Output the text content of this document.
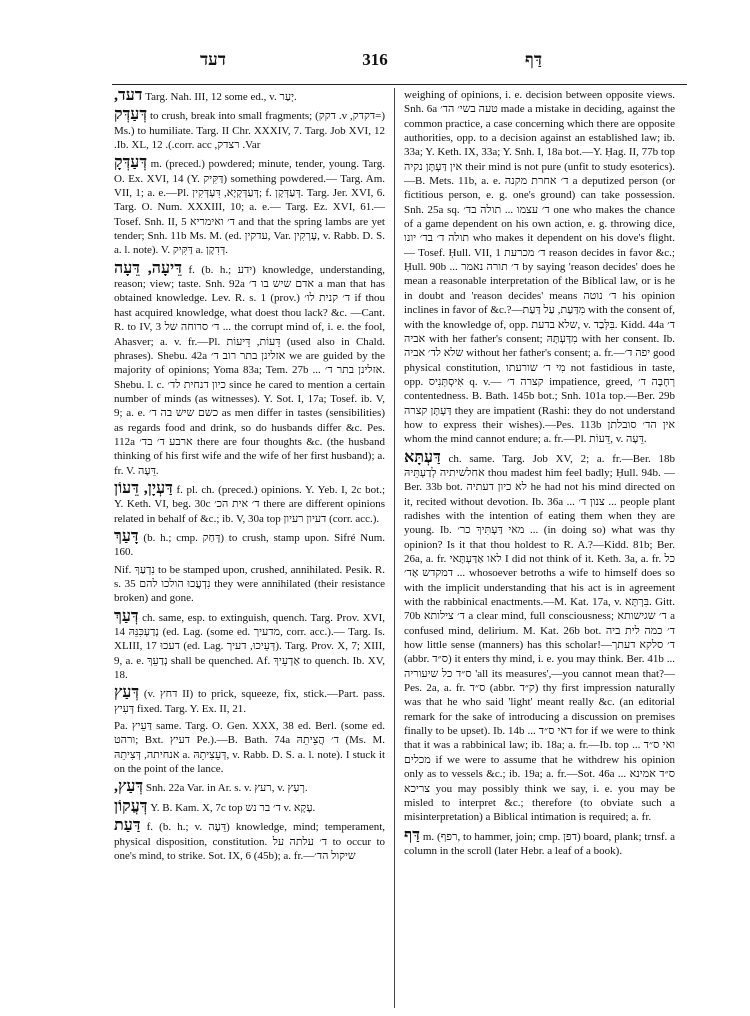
דעד	316	דַּף

דעד, Targ. Nah. III, 12 some ed., v. יְעַר.

דְּעַדְּק (=דקדק, v. דקק) to crush, break into small fragments; to humiliate. Targ. II Chr. XXXIV, 7. Targ. Job XVI, 12 (Ms. Var. רצדק, corr. acc.). Ib. XL, 12.

דְּעַדְּקָ m. (preced.) powdered; minute, tender, young. Targ. O. Ex. XVI, 14 (Y. דַּקִּיק) something powdered.— Targ. Am. VII, 1; a. e.—Pl. דְּעַדְּקָיָא, דִּעְדְּקִין; f. דְּעַדְּקָן. Targ. Jer. XVI, 6. Targ. O. Num. XXXIII, 10; a. e.— Targ. Ez. XVI, 61.—Tosef. Snh. II, 5 ד׳ ואימריא and that the spring lambs are yet tender; Snh. 11b Ms. M. (ed. עדקין, Var. עָרְקִין, v. Rabb. D. S. a. l. note). V. דַּקִּיק a. דְּדִקָן.

דֵּיעָה, דֵּעָה f. (b. h.; ידע) knowledge, understanding, reason; view; taste. Snh. 92a אדם שיש בו ד׳ a man that has obtained knowledge. Lev. R. s. 1 (prov.) ד׳ קנית לו׳ if thou hast acquired knowledge, what doest thou lack? &c. —Cant. R. to IV, 3 ד׳ סרוחה של ... the corrupt mind of, i. e. the fool, Ahasver; a. v. fr.—Pl. דֵּעוֹת, דֵּיעוֹת (used also in Chald. phrases). Shebu. 42a אזלינן בתר רוב ד׳ we are guided by the majority of opinions; Yoma 83a; Tem. 27b ... אזלינן בתר ד׳. Shebu. l. c. כיון דנחית לד׳ since he cared to mention a certain number of minds (as witnesses). Y. Sot. I, 17a; Tosef. ib. V, 9; a. e. כשם שיש בה ד׳ as men differ in tastes (sensibilities) as regards food and drink, so do husbands differ &c. Pes. 112a ארבע ד׳ בד׳ there are four thoughts &c. (the husband thinking of his first wife and the wife of her first husband); a. fr. V. דֵּעָה.

דַּעְיָן, דֵּעוֹן f. pl. ch. (preced.) opinions. Y. Yeb. I, 2c bot.; Y. Keth. VI, beg. 30c ד׳ אית הכ׳ there are different opinions related in behalf of &c.; ib. V, 30a top דעיון רעיון (corr. acc.).

דָּעַךְ (b. h.; cmp. דָּחַק) to crush, stamp upon. Sifré Num. 160.

Nif. נִדְעַךְ to be stamped upon, crushed, annihilated. Pesik. R. s. 35 נִדְעֲכוּ הולכו להם they were annihilated (their resistance broken) and gone.

דְּעַךְ ch. same, esp. to extinguish, quench. Targ. Prov. XVI, 14 נְדַעְכִּנֵּהּ (ed. Lag. (some ed. מדעיך, corr. acc.).— Targ. Is. XLIII, 17 דעכוּ (ed. Lag. דְּעֵיכוּ, דעיך). Targ. Prov. X, 7; XIII, 9, a. e. נְדַעֵךְ shall be quenched. Af. אַדְעֵיךְ to quench. Ib. XV, 18.

דְּעַץ (v. דחץ II) to prick, squeeze, fix, stick.—Part. pass. דְּעִיץ fixed. Targ. Y. Ex. II, 21.

Pa. דַּעֵיץ same. Targ. O. Gen. XXX, 38 ed. Berl. (some ed. ורהט; Bxt. דעיץ Pe.).—B. Bath. 74a ד׳ הֲצֵיתֵהּ (Ms. M. אנחיתה, דְּצִיתֵהּ a. דְּעֵצִיתֵהּ, v. Rabb. D. S. a. l. note). I stuck it on the point of the lance.

דְּעַץ, Snh. 22a Var. in Ar. s. v. רעץ, v. רְעַץ.

דְּעֲקוֹן Y. B. Kam. X, 7c top ד׳ בר נש v. עָקָא.

דַּעַת f. (b. h.; v. דֵּעָה) knowledge, mind; temperament, physical disposition, constitution. ד׳ עלתה על to occur to one's mind, to strike. Sot. IX, 6 (45b); a. fr.—שיקול הד׳

weighing of opinions, i. e. decision between opposite views. Snh. 6a טעה בשי׳ הד׳ made a mistake in deciding, against the common practice, a case concerning which there are opposite authorities, opp. to a decision against an established law; ib. 33a; Y. Keth. IX, 33a; Y. Snh. I, 18a bot.—Y. Ḥag. II, 77b top אין דַּעְתָּן נקיה their mind is not pure (unfit to study esoterics).—B. Mets. 11b, a. e. ד׳ אחרת מקנה a deputized person (or fictitious person, e. g. one's ground) can take possession. Snh. 25a sq. ד׳ עצמו ... תולה בד׳ one who makes the chance of a game dependent on his own action, e. g. throwing dice, תולה ד׳ בד׳ יונו who makes it dependent on his dove's flight.— Tosef. Ḥull. VII, 1 ד׳ מכרעת reason decides in favor &c.; Ḥull. 90b ... ד׳ תורה נאמר by saying 'reason decides' does he mean a reasonable interpretation of the Biblical law, or is he in doubt and 'reason decides' means ד׳ נוטה his opinion inclines in favor of &c.?—מִדַּעַת, עַל דַּעַת with the consent of, with the knowledge of, opp. שלא בדעת, v. בִּלְּבַד. Kidd. 44a ד׳ אביה with her father's consent; מִדַּעְתָּהּ with her consent. Ib. שלא לד׳ אביה without her father's consent; a. fr.—יפה ד׳ good physical constitution, מִי ד׳ שורעתו not fastidious in taste, opp. אִיסְתְּנִיס q. v.— קצרה ד׳ impatience, greed, רְחָבָה ד׳ contentedness. B. Bath. 145b bot.; Snh. 101a top.—Ber. 29b דַּעְתָּן קצרה they are impatient (Rashi: they do not understand how to express their wishes).—Pes. 113b אין הד׳ סובלתן whom the mind cannot endure; a. fr.—Pl. דֵּעוֹת, v. דֵּעָה.

דַּעְתָּא ch. same. Targ. Job XV, 2; a. fr.—Ber. 18b אחלשיתיה לְדַעְתֵּיהּ thou madest him feel badly; Ḥull. 94b. —Ber. 33b bot. לא כיון דעתיה he had not his mind directed on it, recited without devotion. Ib. 36a ... צנון ד׳ ... people plant radishes with the intention of eating them when they are young. Ib. מאי דַּעְתִּיךְ כר׳ ... (in doing so) what was thy opinion? Is it that thou holdest to R. A.?—Kidd. 81b; Ber. 26a, a. fr. לאו אַדַּעְתָּאי I did not think of it. Keth. 3a, a. fr. כל דמקדש אַד׳ ... whosoever betroths a wife to himself does so with the implicit understanding that his act is in agreement with the rabbinical enactments.—M. Kat. 17a, v. בִּרְתָּא. Gitt. 70b ד׳ צילותא a clear mind, full consciousness; ד׳ שגישותא a confused mind, delirium. M. Kat. 26b bot. ד׳ כמה לית ביה how little sense (manners) has this scholar!—ד׳ סלקא דעתך (abbr. ס״ד) it enters thy mind, i. e. you may think. Ber. 41b ... ס״ד כל שיעוריה 'all its measures',—you cannot mean that?—Pes. 2a, a. fr. ס״ד (abbr. ק״ד) thy first impression naturally was that he who said 'light' meant really &c. (an editorial remark for the sake of introducing a discussion on premises finally to be upset). Ib. 14b ... דאי ס״ד for if we were to think that it was a rabbinical law; ib. 18a; a. fr.—Ib. top ואי ס״ד ... מכלים if we were to assume that he withdrew his opinion only as to vessels &c.; ib. 19a; a. fr.—Sot. 46a ס״ד אמינא ... צריכא you may possibly think we say, i. e. you may be misled to interpret &c.; therefore (to obviate such a misinterpretation) a Biblical intimation is required; a. fr.

דַּף m. (רפף, to hammer, join; cmp. דפן) board, plank; trnsf. a column in the scroll (later Hebr. a leaf of a book).
